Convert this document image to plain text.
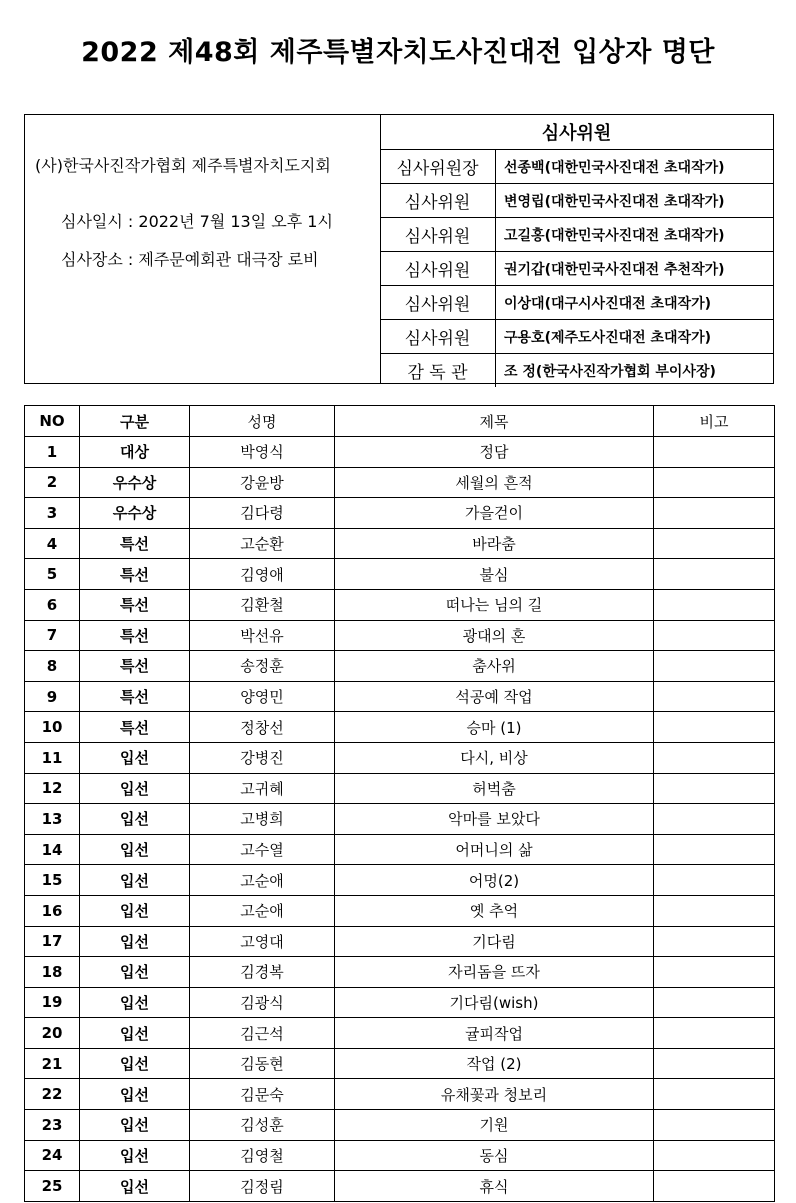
2022 제48회 제주특별자치도사진대전 입상자 명단
(사)한국사진작가협회 제주특별자치도지회
심사일시 : 2022년 7월 13일 오후 1시
심사장소 : 제주문예회관 대극장 로비
심사위원	
심사위원장	선종백(대한민국사진대전 초대작가)
심사위원	변영립(대한민국사진대전 초대작가)
심사위원	고길홍(대한민국사진대전 초대작가)
심사위원	권기갑(대한민국사진대전 추천작가)
심사위원	이상대(대구시사진대전 초대작가)
심사위원	구용호(제주도사진대전 초대작가)
감 독 관	조 정(한국사진작가협회 부이사장)
NO	구분	성명	제목	비고
1	대상	박영식	정담	
2	우수상	강윤방	세월의 흔적	
3	우수상	김다령	가을걷이	
4	특선	고순환	바라춤	
5	특선	김영애	불심	
6	특선	김환철	떠나는 님의 길	
7	특선	박선유	광대의 혼	
8	특선	송정훈	춤사위	
9	특선	양영민	석공예 작업	
10	특선	정창선	승마 (1)	
11	입선	강병진	다시, 비상	
12	입선	고귀혜	허벅춤	
13	입선	고병희	악마를 보았다	
14	입선	고수열	어머니의 삶	
15	입선	고순애	어멍(2)	
16	입선	고순애	옛 추억	
17	입선	고영대	기다림	
18	입선	김경복	자리돔을 뜨자	
19	입선	김광식	기다림(wish)	
20	입선	김근석	귤피작업	
21	입선	김동현	작업 (2)	
22	입선	김문숙	유채꽃과 청보리	
23	입선	김성훈	기원	
24	입선	김영철	동심	
25	입선	김정림	휴식	
